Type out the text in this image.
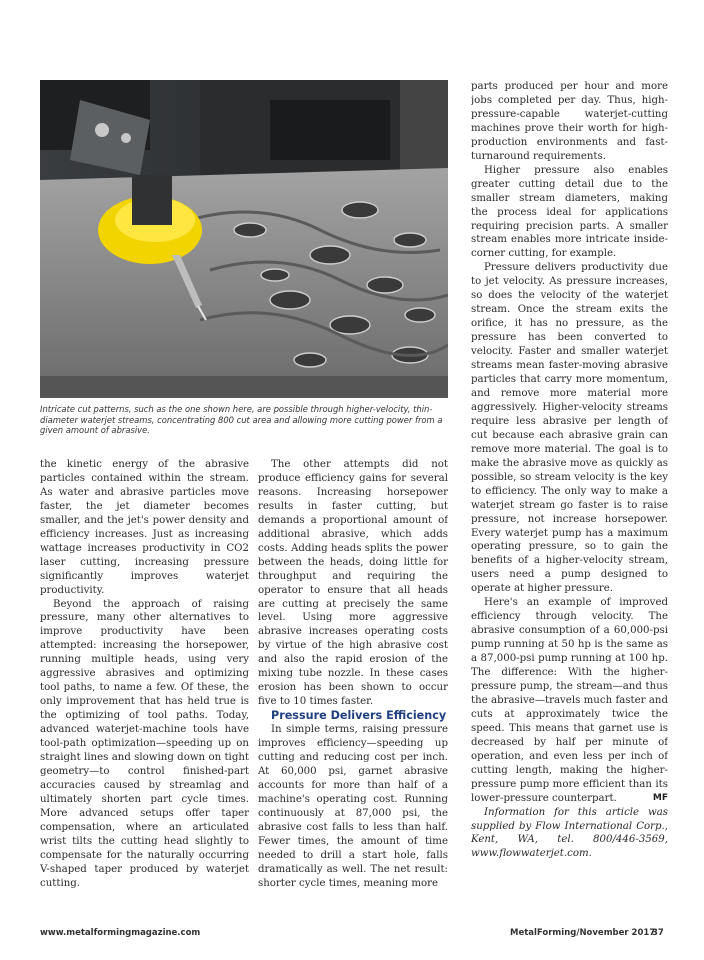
Intricate cut patterns, such as the one shown here, are possible through higher-velocity, thin-diameter waterjet streams, concentrating 800 cut area and allowing more cutting power from a given amount of abrasive.

the kinetic energy of the abrasive particles contained within the stream. As water and abrasive particles move faster, the jet diameter becomes smaller, and the jet's power density and efficiency increases. Just as increasing wattage increases productivity in CO2 laser cutting, increasing pressure significantly improves waterjet productivity.

Beyond the approach of raising pressure, many other alternatives to improve productivity have been attempted: increasing the horsepower, running multiple heads, using very aggressive abrasives and optimizing tool paths, to name a few. Of these, the only improvement that has held true is the optimizing of tool paths. Today, advanced waterjet-machine tools have tool-path optimization—speeding up on straight lines and slowing down on tight geometry—to control finished-part accuracies caused by streamlag and ultimately shorten part cycle times. More advanced setups offer taper compensation, where an articulated wrist tilts the cutting head slightly to compensate for the naturally occurring V-shaped taper produced by waterjet cutting.

The other attempts did not produce efficiency gains for several reasons. Increasing horsepower results in faster cutting, but demands a proportional amount of additional abrasive, which adds costs. Adding heads splits the power between the heads, doing little for throughput and requiring the operator to ensure that all heads are cutting at precisely the same level. Using more aggressive abrasive increases operating costs by virtue of the high abrasive cost and also the rapid erosion of the mixing tube nozzle. In these cases erosion has been shown to occur five to 10 times faster.

Pressure Delivers Efficiency

In simple terms, raising pressure improves efficiency—speeding up cutting and reducing cost per inch. At 60,000 psi, garnet abrasive accounts for more than half of a machine's operating cost. Running continuously at 87,000 psi, the abrasive cost falls to less than half. Fewer times, the amount of time needed to drill a start hole, falls dramatically as well. The net result: shorter cycle times, meaning more

parts produced per hour and more jobs completed per day. Thus, high-pressure-capable waterjet-cutting machines prove their worth for high-production environments and fast-turnaround requirements.

Higher pressure also enables greater cutting detail due to the smaller stream diameters, making the process ideal for applications requiring precision parts. A smaller stream enables more intricate inside-corner cutting, for example.

Pressure delivers productivity due to jet velocity. As pressure increases, so does the velocity of the waterjet stream. Once the stream exits the orifice, it has no pressure, as the pressure has been converted to velocity. Faster and smaller waterjet streams mean faster-moving abrasive particles that carry more momentum, and remove more material more aggressively. Higher-velocity streams require less abrasive per length of cut because each abrasive grain can remove more material. The goal is to make the abrasive move as quickly as possible, so stream velocity is the key to efficiency. The only way to make a waterjet stream go faster is to raise pressure, not increase horsepower. Every waterjet pump has a maximum operating pressure, so to gain the benefits of a higher-velocity stream, users need a pump designed to operate at higher pressure.

Here's an example of improved efficiency through velocity. The abrasive consumption of a 60,000-psi pump running at 50 hp is the same as a 87,000-psi pump running at 100 hp. The difference: With the higher-pressure pump, the stream—and thus the abrasive—travels much faster and cuts at approximately twice the speed. This means that garnet use is decreased by half per minute of operation, and even less per inch of cutting length, making the higher-pressure pump more efficient than its lower-pressure counterpart.	MF

Information for this article was supplied by Flow International Corp., Kent, WA, tel. 800/446-3569, www.flowwaterjet.com.

www.metalformingmagazine.com	MetalForming/November 2017
37
